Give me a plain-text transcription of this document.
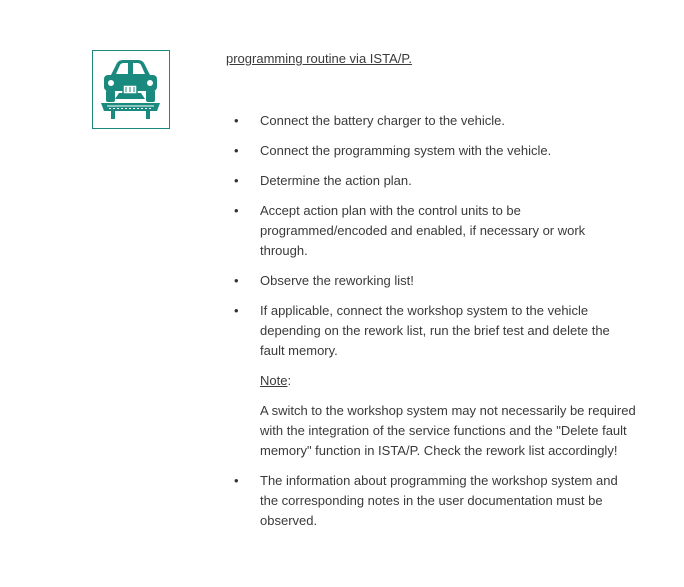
programming routine via ISTA/P.
• Connect the battery charger to the vehicle.
• Connect the programming system with the vehicle.
• Determine the action plan.
• Accept action plan with the control units to be programmed/encoded and enabled, if necessary or work through.
• Observe the reworking list!
• If applicable, connect the workshop system to the vehicle depending on the rework list, run the brief test and delete the fault memory.
Note:
A switch to the workshop system may not necessarily be required with the integration of the service functions and the "Delete fault memory" function in ISTA/P. Check the rework list accordingly!
• The information about programming the workshop system and the corresponding notes in the user documentation must be observed.
